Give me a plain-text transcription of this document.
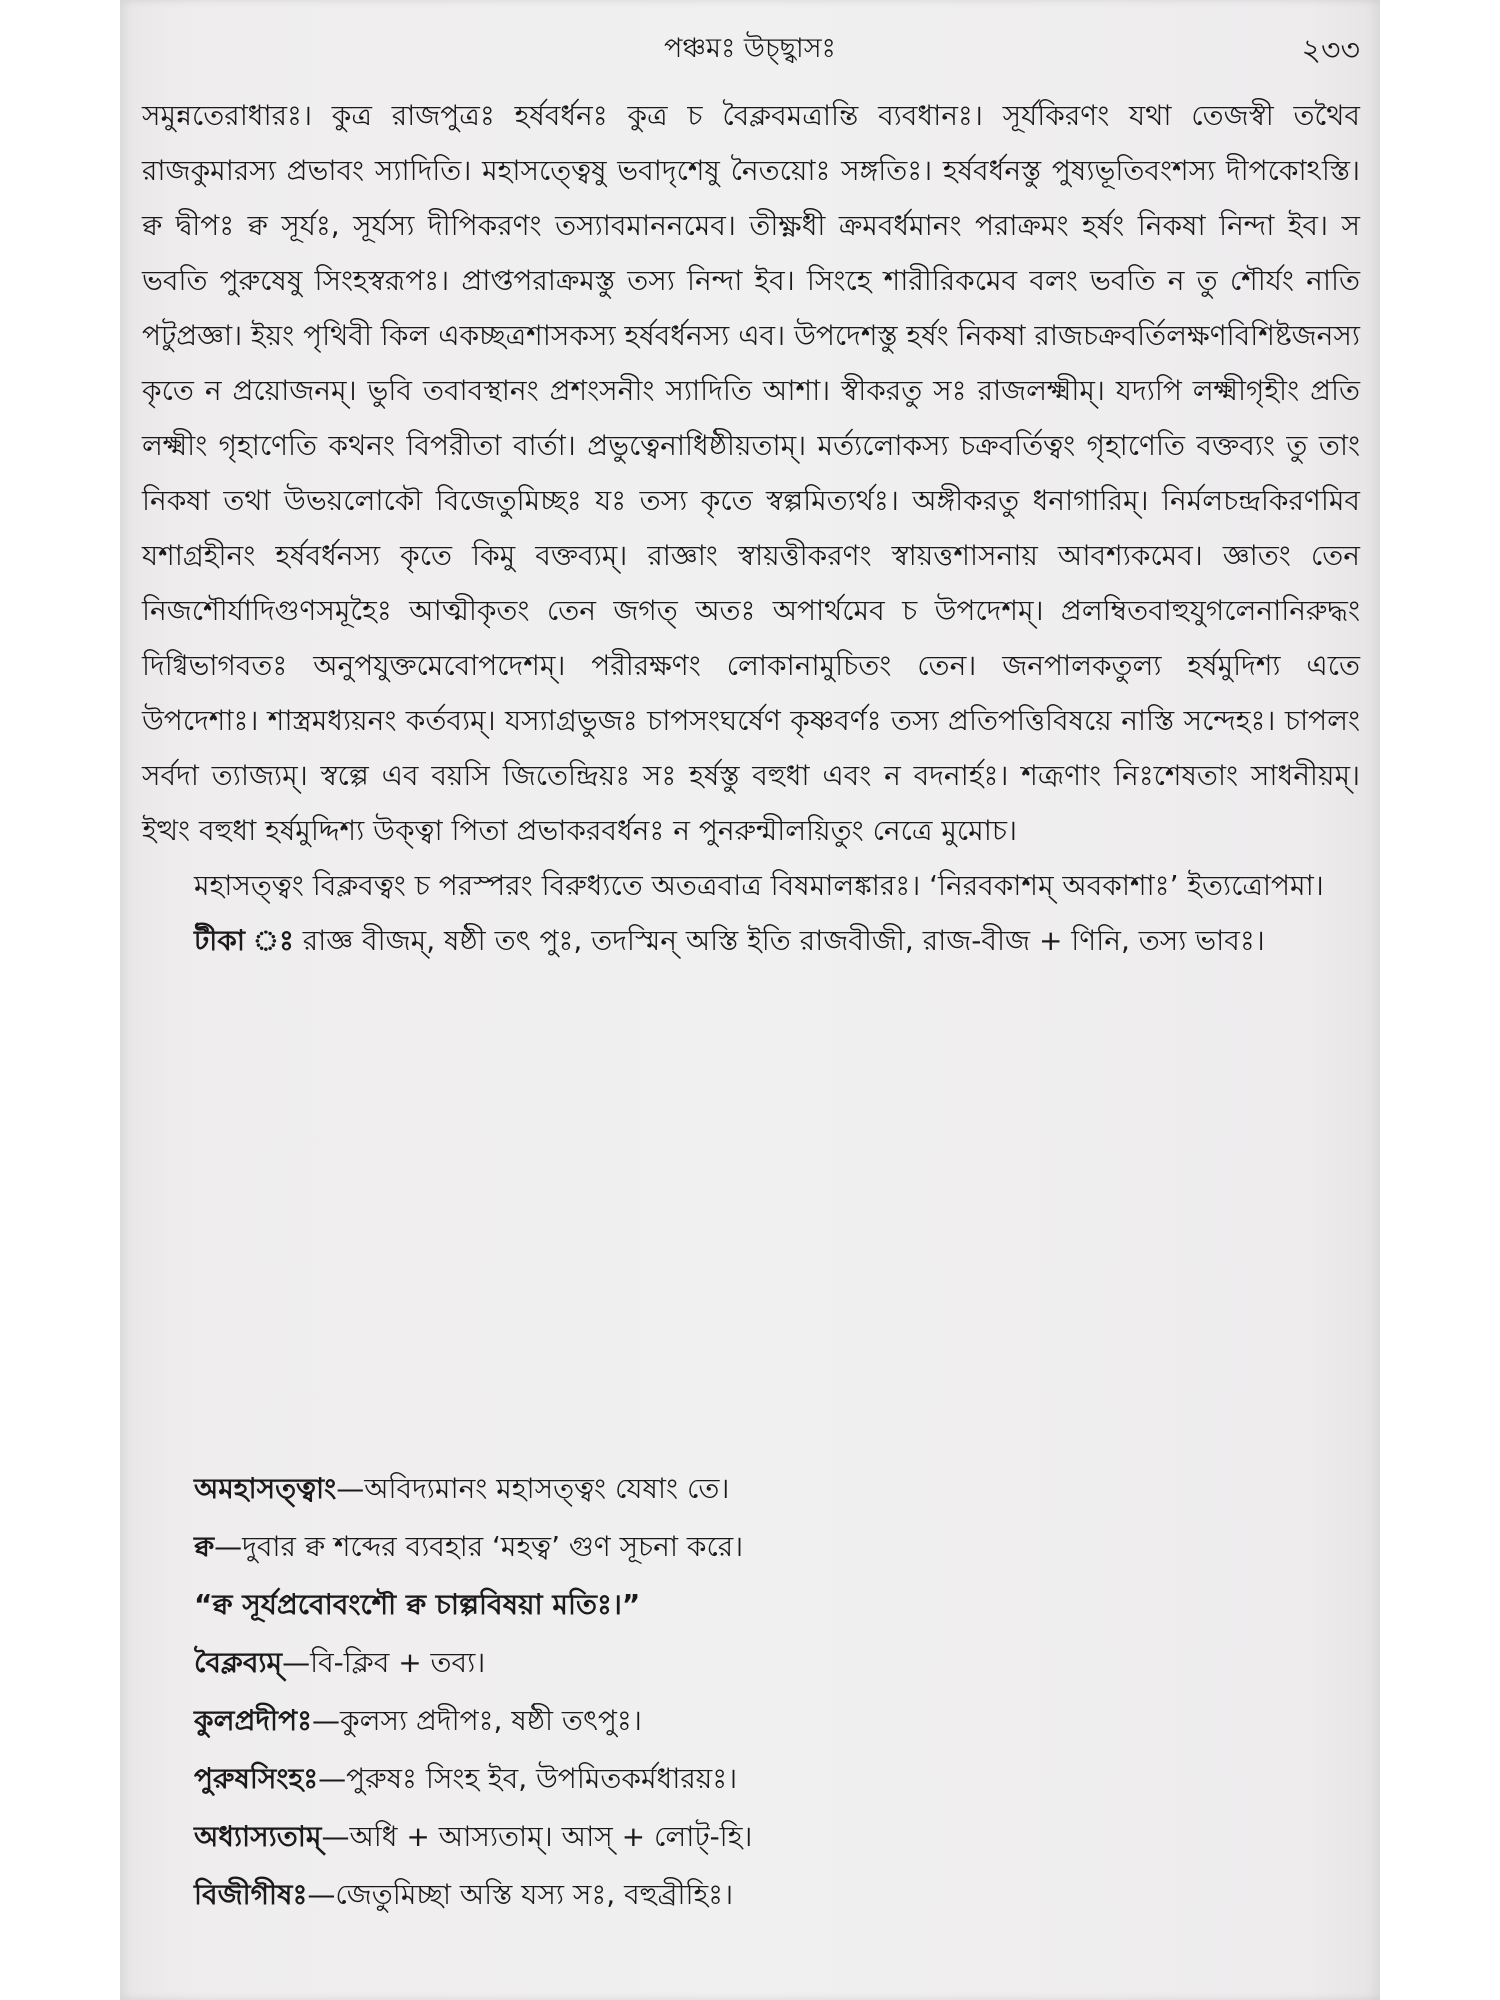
পঞ্চমঃ উচ্ছ্বাসঃ	২৩৩

সমুন্নতেরাধারঃ। কুত্র রাজপুত্রঃ হর্ষবর্ধনঃ কুত্র চ বৈক্লবমত্রান্তি ব্যবধানঃ। সূর্যকিরণং যথা তেজস্বী তথৈব রাজকুমারস্য প্রভাবং স্যাদিতি। মহাসত্ত্বেষু ভবাদৃশেষু নৈতয়োঃ সঙ্গতিঃ। হর্ষবর্ধনস্তু পুষ্যভূতিবংশস্য দীপকোঽস্তি। ক্ব দ্বীপঃ ক্ব সূর্যঃ, সূর্যস্য দীপিকরণং তস্যাবমাননমেব। তীক্ষ্ণধী ক্রমবর্ধমানং পরাক্রমং হর্ষং নিকষা নিন্দা ইব। স ভবতি পুরুষেষু সিংহস্বরূপঃ। প্রাপ্তপরাক্রমস্তু তস্য নিন্দা ইব। সিংহে শারীরিকমেব বলং ভবতি ন তু শৌর্যং নাতি পটুপ্রজ্ঞা। ইয়ং পৃথিবী কিল একচ্ছত্রশাসকস্য হর্ষবর্ধনস্য এব। উপদেশস্তু হর্ষং নিকষা রাজচক্রবর্তিলক্ষণবিশিষ্টজনস্য কৃতে ন প্রয়োজনম্। ভুবি তবাবস্থানং প্রশংসনীং স্যাদিতি আশা। স্বীকরতু সঃ রাজলক্ষ্মীম্। যদ্যপি লক্ষ্মীগৃহীং প্রতি লক্ষ্মীং গৃহাণেতি কথনং বিপরীতা বার্তা। প্রভুত্বেনাধিষ্ঠীয়তাম্। মর্ত্যলোকস্য চক্রবর্তিত্বং গৃহাণেতি বক্তব্যং তু তাং নিকষা তথা উভয়লোকৌ বিজেতুমিচ্ছঃ যঃ তস্য কৃতে স্বল্পমিত্যর্থঃ। অঙ্গীকরতু ধনাগারিম্। নির্মলচন্দ্রকিরণমিব যশাগ্রহীনং হর্ষবর্ধনস্য কৃতে কিমু বক্তব্যম্। রাজ্ঞাং স্বায়ত্তীকরণং স্বায়ত্তশাসনায় আবশ্যকমেব। জ্ঞাতং তেন নিজশৌর্যাদিগুণসমূহৈঃ আত্মীকৃতং তেন জগত্ অতঃ অপার্থমেব চ উপদেশম্। প্রলম্বিতবাহুযুগলেনানিরুদ্ধং দিগ্বিভাগবতঃ অনুপযুক্তমেবোপদেশম্। পরীরক্ষণং লোকানামুচিতং তেন। জনপালকতুল্য হর্ষমুদিশ্য এতে উপদেশাঃ। শাস্ত্রমধ্যয়নং কর্তব্যম্। যস্যাগ্রভুজঃ চাপসংঘর্ষেণ কৃষ্ণবর্ণঃ তস্য প্রতিপত্তিবিষয়ে নাস্তি সন্দেহঃ। চাপলং সর্বদা ত্যাজ্যম্। স্বল্পে এব বয়সি জিতেন্দ্রিয়ঃ সঃ হর্ষস্তু বহুধা এবং ন বদনার্হঃ। শত্রূণাং নিঃশেষতাং সাধনীয়ম্। ইত্থং বহুধা হর্ষমুদ্দিশ্য উক্ত্বা পিতা প্রভাকরবর্ধনঃ ন পুনরুন্মীলয়িতুং নেত্রে মুমোচ।

মহাসত্ত্বং বিক্লবত্বং চ পরস্পরং বিরুধ্যতে অতত্রবাত্র বিষমালঙ্কারঃ। ‘নিরবকাশম্ অবকাশাঃ’ ইত্যত্রোপমা।

টীকা ঃ রাজ্ঞ বীজম্, ষষ্ঠী তৎ পুঃ, তদস্মিন্ অস্তি ইতি রাজবীজী, রাজ-বীজ + ণিনি, তস্য ভাবঃ।

অমহাসত্ত্বাং—অবিদ্যমানং মহাসত্ত্বং যেষাং তে।

ক্ব—দুবার ক্ব শব্দের ব্যবহার ‘মহত্ব’ গুণ সূচনা করে।

“ক্ব সূর্যপ্রবোবংশৌ ক্ব চাল্পবিষয়া মতিঃ।”

বৈক্লব্যম্—বি-ক্লিব + তব্য।

কুলপ্রদীপঃ—কুলস্য প্রদীপঃ, ষষ্ঠী তৎপুঃ।

পুরুষসিংহঃ—পুরুষঃ সিংহ ইব, উপমিতকর্মধারয়ঃ।

অধ্যাস্যতাম্—অধি + আস্যতাম্। আস্ + লোট্-হি।

বিজীগীষঃ—জেতুমিচ্ছা অস্তি যস্য সঃ, বহুব্রীহিঃ।
